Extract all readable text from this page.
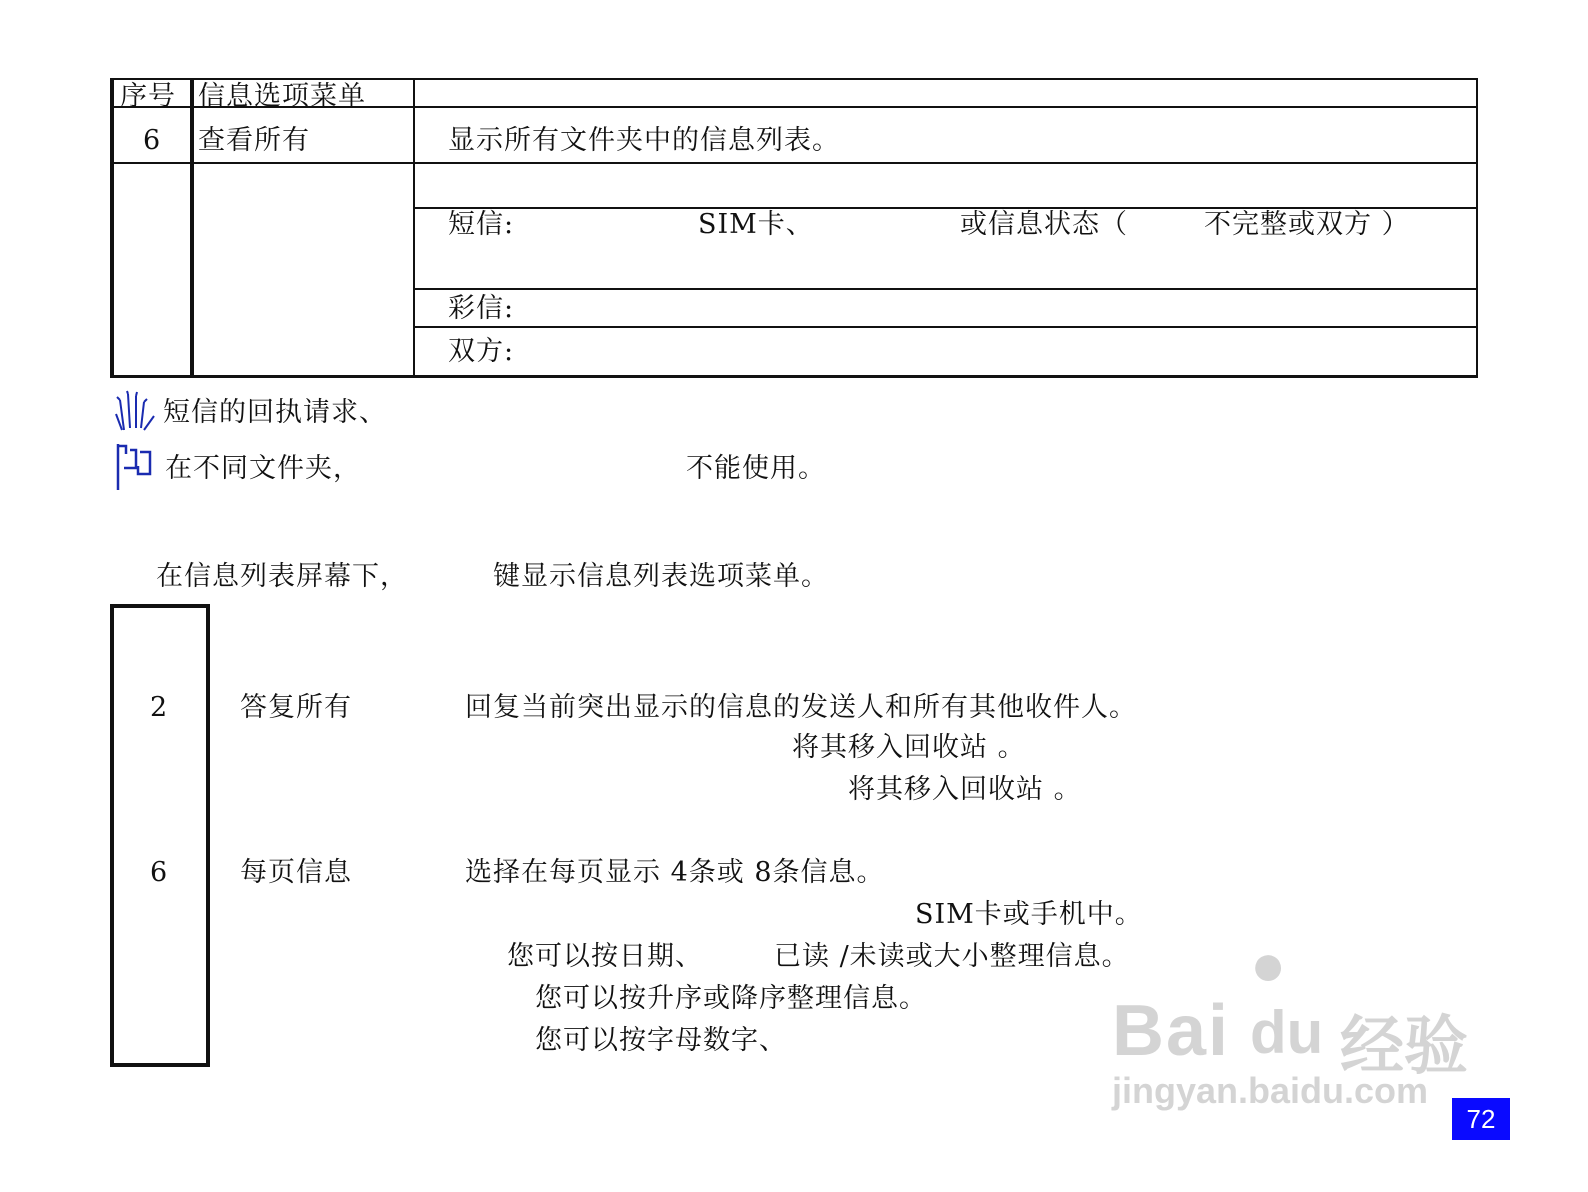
序号 信息选项菜单
6 查看所有	显示所有文件夹中的信息列表。
短信:	SIM卡、	或信息状态（	不完整或双方 ）
彩信:
双方:
短信的回执请求、
在不同文件夹，	不能使用。
在信息列表屏幕下，	键显示信息列表选项菜单。
2	答复所有	回复当前突出显示的信息的发送人和所有其他收件人。
将其移入回收站 。
将其移入回收站 。
6	每页信息	选择在每页显示 4条或 8条信息。
SIM卡或手机中。
您可以按日期、	已读 /未读或大小整理信息。
您可以按升序或降序整理信息。
您可以按字母数字、
●
Bai du 经验
jingyan.baidu.com
72
